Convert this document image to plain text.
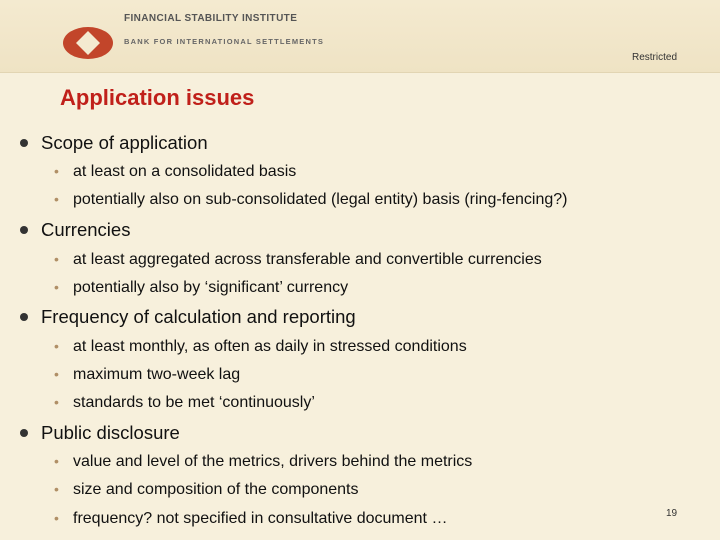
FINANCIAL STABILITY INSTITUTE
BANK FOR INTERNATIONAL SETTLEMENTS
Restricted
Application issues
Scope of application
• at least on a consolidated basis
• potentially also on sub-consolidated (legal entity) basis (ring-fencing?)
Currencies
• at least aggregated across transferable and convertible currencies
• potentially also by ‘significant’ currency
Frequency of calculation and reporting
• at least monthly, as often as daily in stressed conditions
• maximum two-week lag
• standards to be met ‘continuously’
Public disclosure
• value and level of the metrics, drivers behind the metrics
• size and composition of the components
• frequency? not specified in consultative document …	19
